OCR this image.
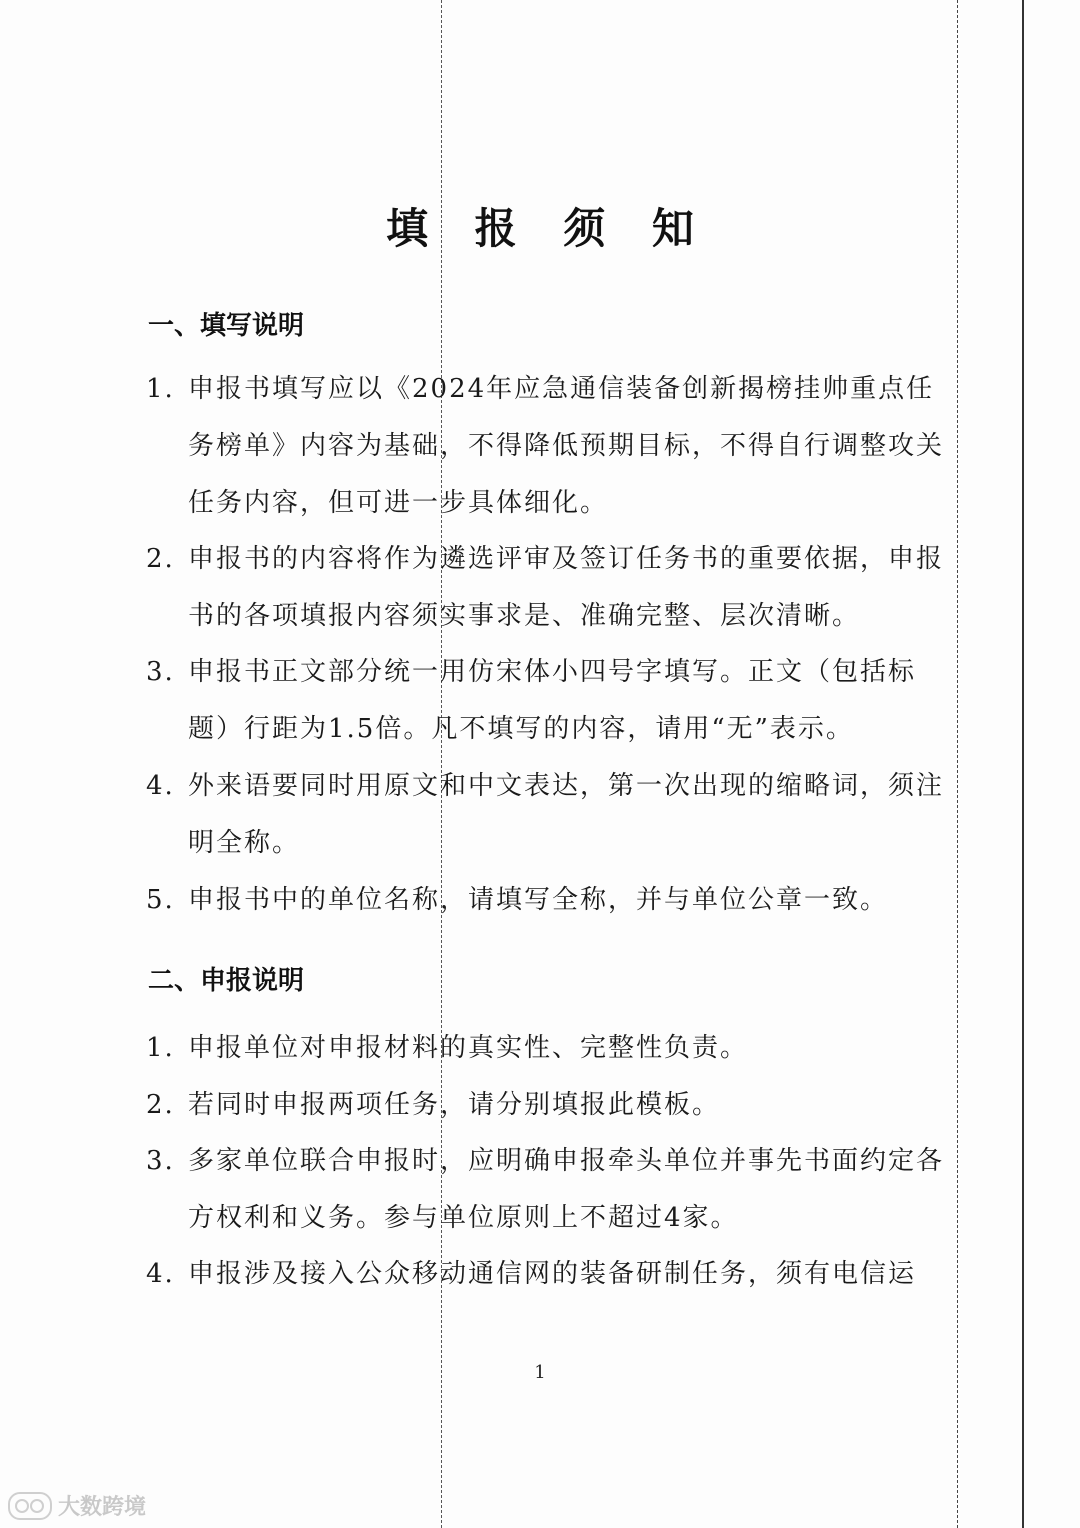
填 报 须 知
一、填写说明
1. 申报书填写应以《2024年应急通信装备创新揭榜挂帅重点任务榜单》内容为基础，不得降低预期目标，不得自行调整攻关任务内容，但可进一步具体细化。
2. 申报书的内容将作为遴选评审及签订任务书的重要依据，申报书的各项填报内容须实事求是、准确完整、层次清晰。
3. 申报书正文部分统一用仿宋体小四号字填写。正文（包括标题）行距为1.5倍。凡不填写的内容，请用“无”表示。
4. 外来语要同时用原文和中文表达，第一次出现的缩略词，须注明全称。
5. 申报书中的单位名称，请填写全称，并与单位公章一致。
二、申报说明
1. 申报单位对申报材料的真实性、完整性负责。
2. 若同时申报两项任务，请分别填报此模板。
3. 多家单位联合申报时，应明确申报牵头单位并事先书面约定各方权利和义务。参与单位原则上不超过4家。
4. 申报涉及接入公众移动通信网的装备研制任务，须有电信运
1
大数跨境
